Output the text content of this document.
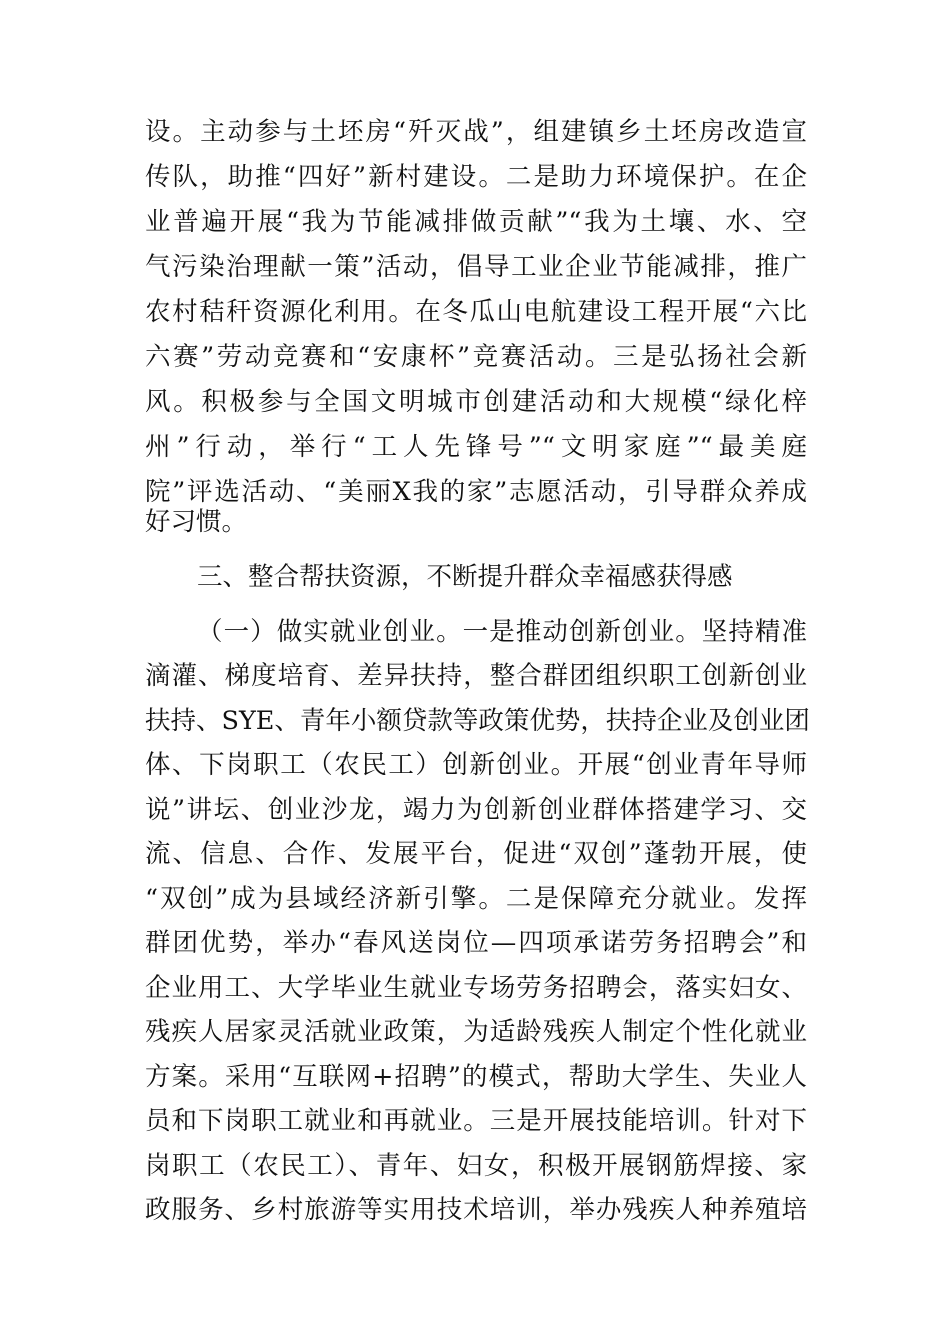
设。主动参与土坯房“歼灭战”，组建镇乡土坯房改造宣

传队，助推“四好”新村建设。二是助力环境保护。在企

业普遍开展“我为节能减排做贡献”“我为土壤、水、空

气污染治理献一策”活动，倡导工业企业节能减排，推广

农村秸秆资源化利用。在冬瓜山电航建设工程开展“六比

六赛”劳动竞赛和“安康杯”竞赛活动。三是弘扬社会新

风。积极参与全国文明城市创建活动和大规模“绿化梓

州”行动，举行“工人先锋号”“文明家庭”“最美庭

院”评选活动、“美丽X我的家”志愿活动，引导群众养成

好习惯。

三、整合帮扶资源，不断提升群众幸福感获得感

（一）做实就业创业。一是推动创新创业。坚持精准

滴灌、梯度培育、差异扶持，整合群团组织职工创新创业

扶持、SYE、青年小额贷款等政策优势，扶持企业及创业团

体、下岗职工（农民工）创新创业。开展“创业青年导师

说”讲坛、创业沙龙，竭力为创新创业群体搭建学习、交

流、信息、合作、发展平台，促进“双创”蓬勃开展，使

“双创”成为县域经济新引擎。二是保障充分就业。发挥

群团优势，举办“春风送岗位—四项承诺劳务招聘会”和

企业用工、大学毕业生就业专场劳务招聘会，落实妇女、

残疾人居家灵活就业政策，为适龄残疾人制定个性化就业

方案。采用“互联网+招聘”的模式，帮助大学生、失业人

员和下岗职工就业和再就业。三是开展技能培训。针对下

岗职工（农民工）、青年、妇女，积极开展钢筋焊接、家

政服务、乡村旅游等实用技术培训，举办残疾人种养殖培
